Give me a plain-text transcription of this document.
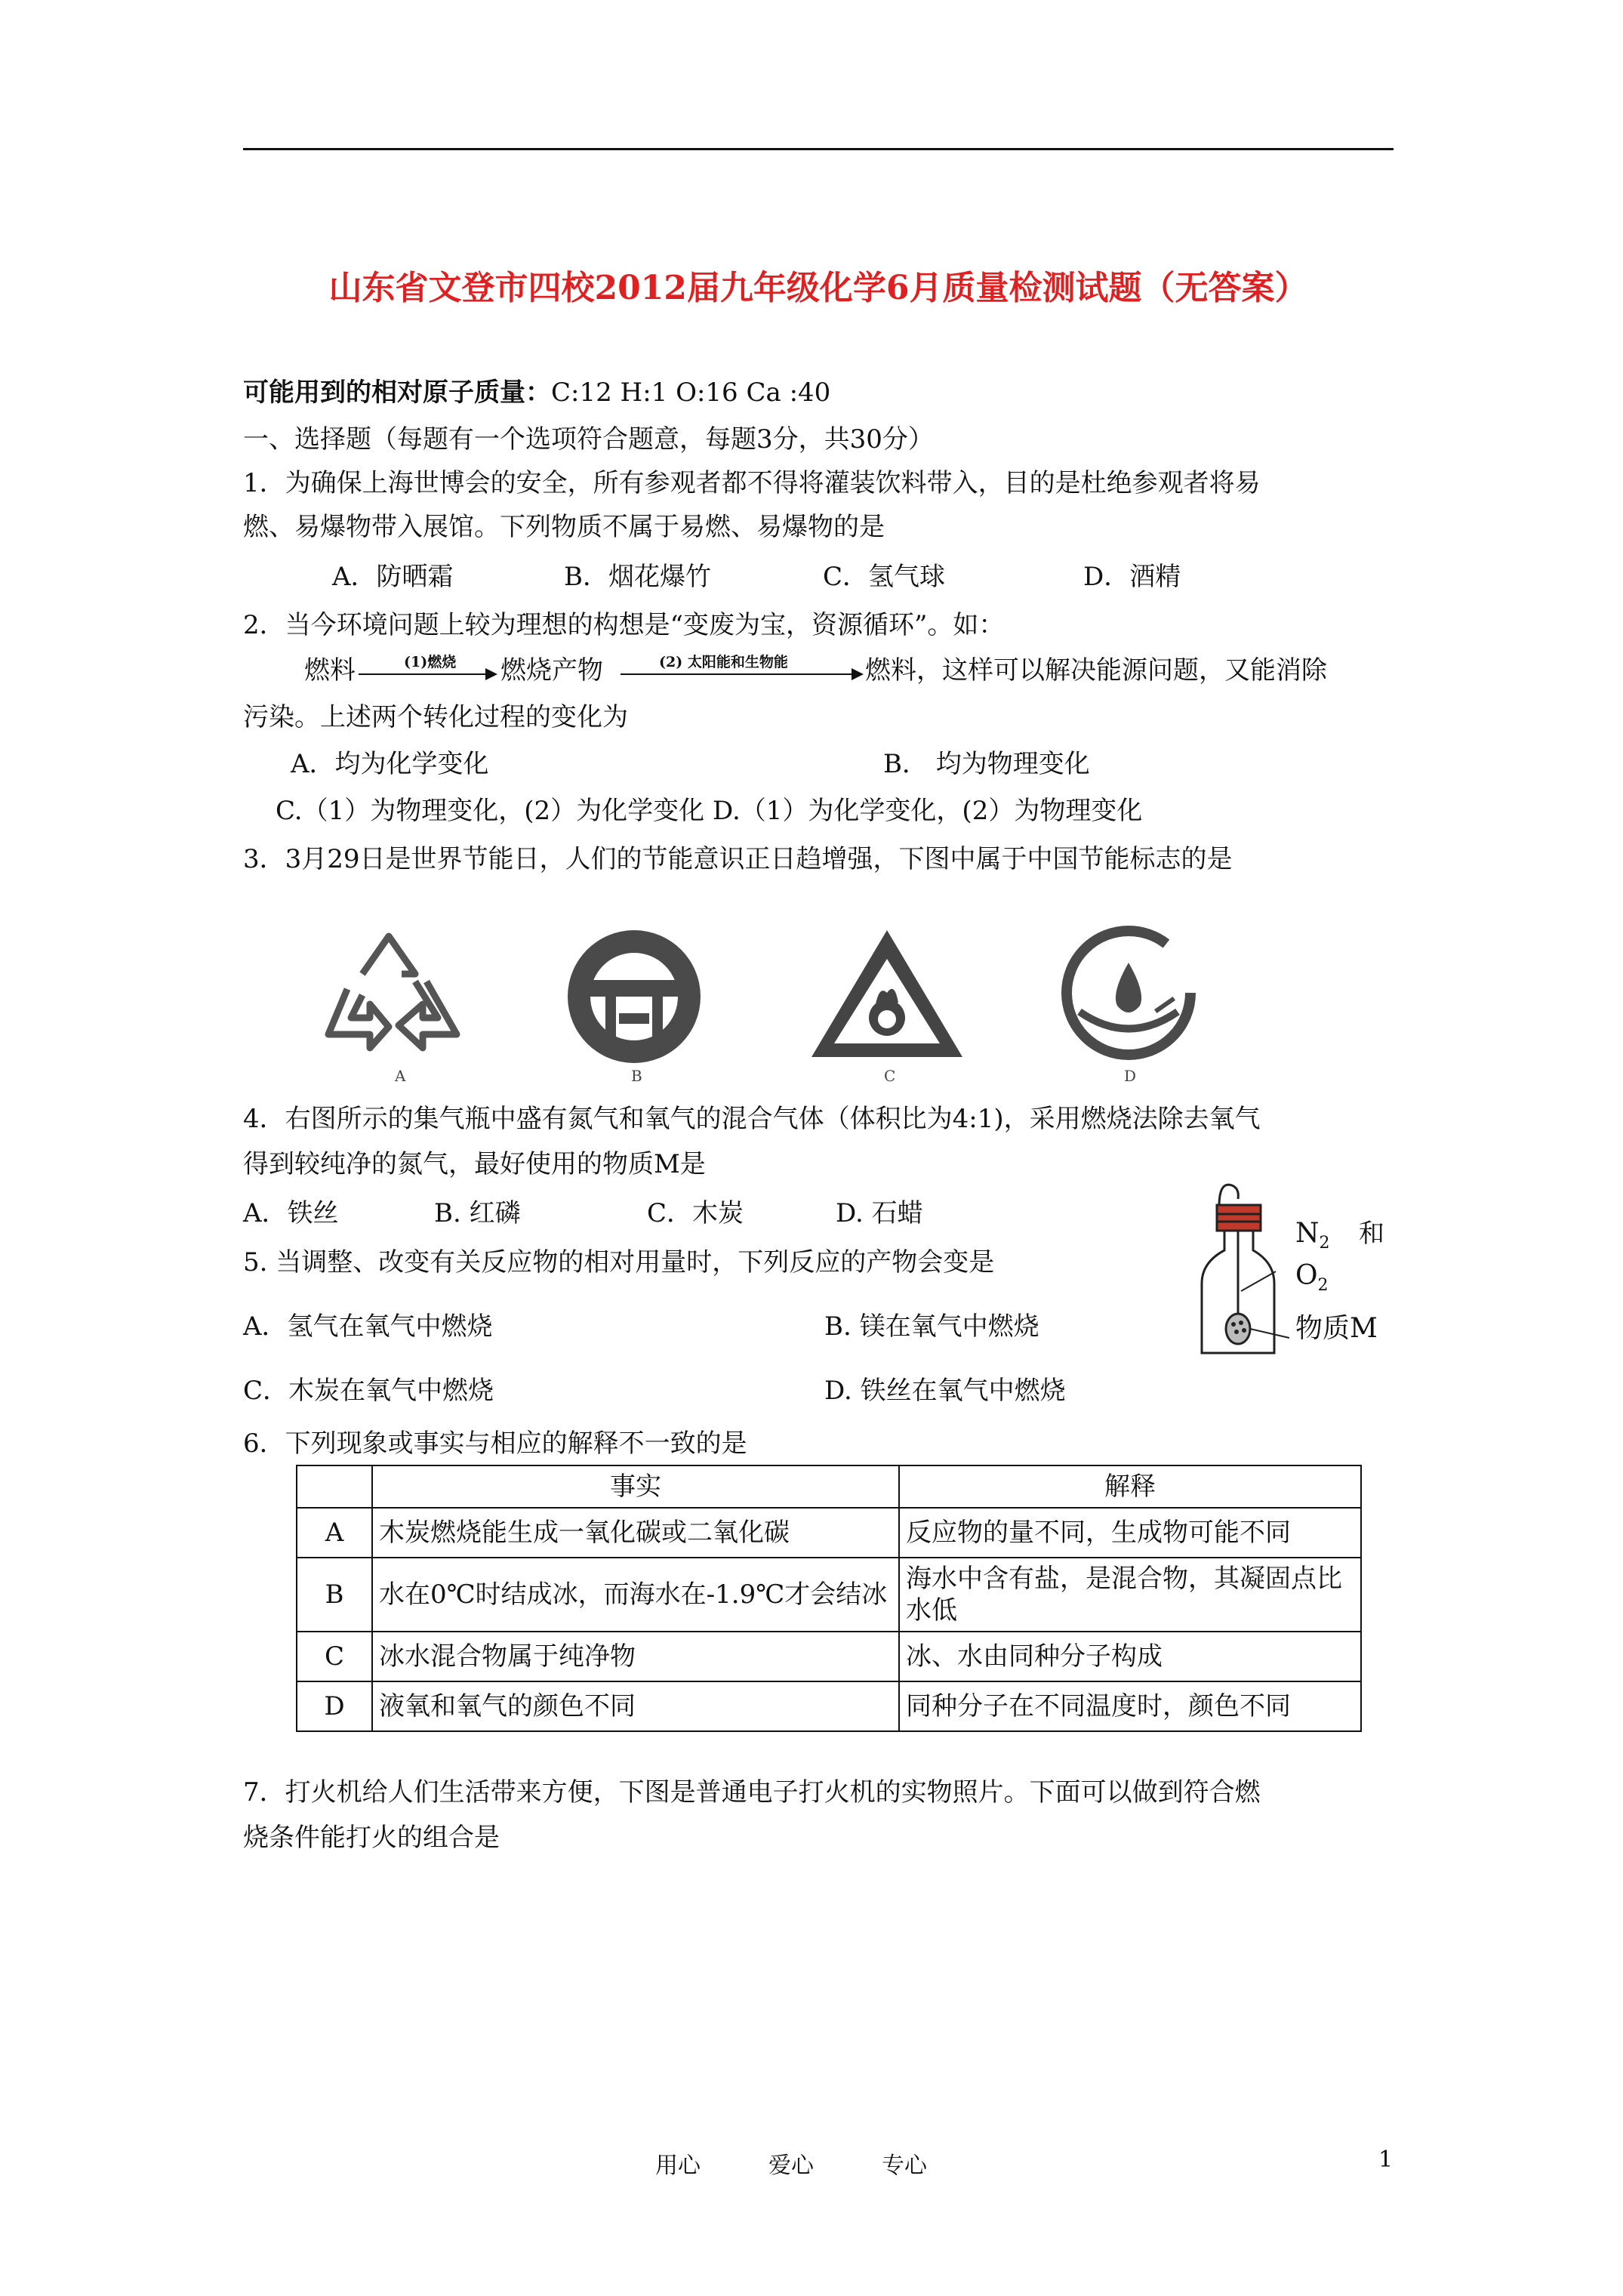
山东省文登市四校2012届九年级化学6月质量检测试题（无答案）
可能用到的相对原子质量：C:12 H:1 O:16 Ca :40
一、选择题（每题有一个选项符合题意，每题3分，共30分）
1．为确保上海世博会的安全，所有参观者都不得将灌装饮料带入，目的是杜绝参观者将易
燃、易爆物带入展馆。下列物质不属于易燃、易爆物的是
A．防晒霜	B．烟花爆竹	C．氢气球	D．酒精
2．当今环境问题上较为理想的构想是“变废为宝，资源循环”。如：
燃料	(1)燃烧 燃烧产物	(2) 太阳能和生物能	燃料，这样可以解决能源问题，又能消除
污染。上述两个转化过程的变化为
A．均为化学变化	B． 均为物理变化
C.（1）为物理变化，(2）为化学变化 D.（1）为化学变化，(2）为物理变化
3．3月29日是世界节能日，人们的节能意识正日趋增强，下图中属于中国节能标志的是
A	B	C	D
4．右图所示的集气瓶中盛有氮气和氧气的混合气体（体积比为4:1)，采用燃烧法除去氧气
得到较纯净的氮气，最好使用的物质M是
A．铁丝	B. 红磷	C．木炭	D. 石蜡
$N_2$ 和
$O_2$
物质M
5. 当调整、改变有关反应物的相对用量时，下列反应的产物会变是
A．氢气在氧气中燃烧	B. 镁在氧气中燃烧
C．木炭在氧气中燃烧	D. 铁丝在氧气中燃烧
6．下列现象或事实与相应的解释不一致的是
	事实	解释
A	木炭燃烧能生成一氧化碳或二氧化碳	反应物的量不同，生成物可能不同
B	水在0℃时结成冰，而海水在-1.9℃才会结冰	海水中含有盐，是混合物，其凝固点比水低
C	冰水混合物属于纯净物	冰、水由同种分子构成
D	液氧和氧气的颜色不同	同种分子在不同温度时，颜色不同
7．打火机给人们生活带来方便，下图是普通电子打火机的实物照片。下面可以做到符合燃
烧条件能打火的组合是
用心	爱心	专心	1
